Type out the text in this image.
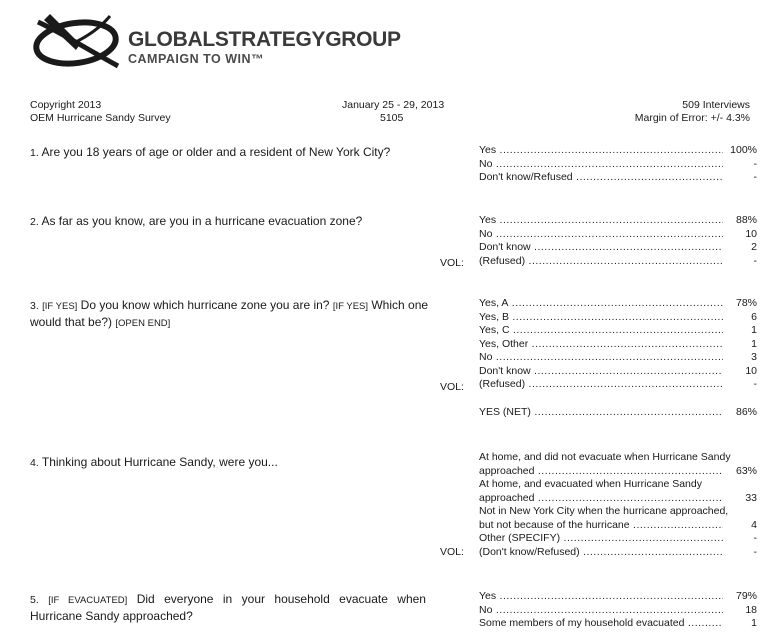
GLOBALSTRATEGYGROUP
CAMPAIGN TO WIN™
Copyright 2013
OEM Hurricane Sandy Survey
January 25 - 29, 2013
5105
509 Interviews
Margin of Error: +/- 4.3%
1. Are you 18 years of age or older and a resident of New York City?	Yes .....	100%
No .....	-
Don't know/Refused .....	-
2. As far as you know, are you in a hurricane evacuation zone?	Yes .....	88%
No .....	10
Don't know .....	2
(Refused) .....	-
VOL:
3. [IF YES] Do you know which hurricane zone you are in? [IF YES] Which one would that be?) [OPEN END]
Yes, A .....	78%
Yes, B .....	6
Yes, C .....	1
Yes, Other .....	1
No .....	3
Don't know .....	10
(Refused) .....	-
YES (NET) .....	86%
VOL:
4. Thinking about Hurricane Sandy, were you...	At home, and did not evacuate when Hurricane Sandy
approached .....	63%
At home, and evacuated when Hurricane Sandy
approached .....	33
Not in New York City when the hurricane approached,
but not because of the hurricane .....	4
Other (SPECIFY) .....	-
(Don't know/Refused) .....	-
VOL:
5. [IF EVACUATED] Did everyone in your household evacuate when Hurricane Sandy approached?
Yes .....	79%
No .....	18
Some members of my household evacuated .....	1
